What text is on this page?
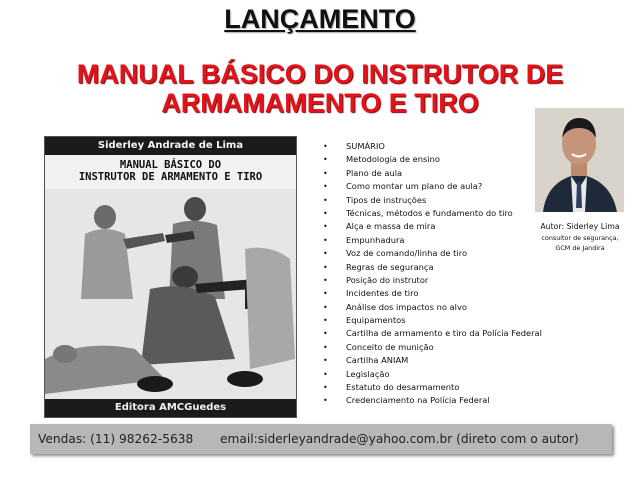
LANÇAMENTO
MANUAL BÁSICO DO INSTRUTOR DE
ARMAMAMENTO E TIRO
Siderley Andrade de Lima
MANUAL BÁSICO DO
INSTRUTOR DE ARMAMENTO E TIRO
Editora AMCGuedes
• SUMÁRIO
• Metodologia de ensino
• Plano de aula
• Como montar um plano de aula?
• Tipos de instruções
• Técnicas, métodos e fundamento do tiro
• Alça e massa de mira
• Empunhadura
• Voz de comando/linha de tiro
• Regras de segurança
• Posição do instrutor
• Incidentes de tiro
• Análise dos impactos no alvo
• Equipamentos
• Cartilha de armamento e tiro da Polícia Federal
• Conceito de munição
• Cartilha ANIAM
• Legislação
• Estatuto do desarmamento
• Credenciamento na Polícia Federal
Autor: Siderley Lima
consultor de segurança,
GCM de Jandira
Vendas: (11) 98262-5638 email:siderleyandrade@yahoo.com.br (direto com o autor)
